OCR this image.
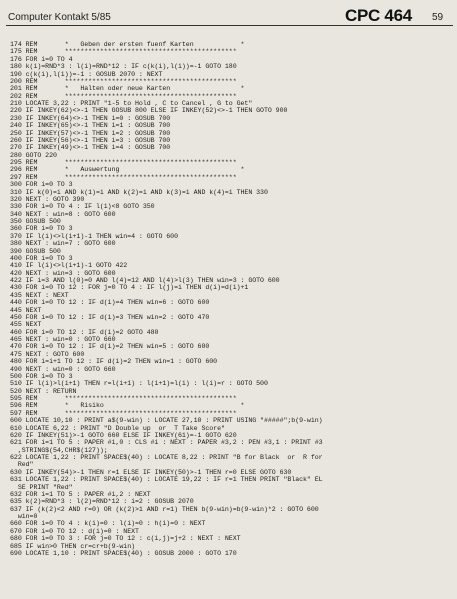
Computer Kontakt 5/85	CPC 464 59
174 REM       *   Geben der ersten fuenf Karten            *
175 REM       ********************************************
176 FOR i=0 TO 4
180 k(i)=RND*3 : l(i)=RND*12 : IF c(k(i),l(i))=-1 GOTO 180
190 c(k(i),l(i))=-1 : GOSUB 2070 : NEXT
200 REM       ********************************************
201 REM       *   Halten oder neue Karten                  *
202 REM       ********************************************
210 LOCATE 3,22 : PRINT "1-5 to Hold , C to Cancel , G to Get"
220 IF INKEY(62)<>-1 THEN GOSUB 800 ELSE IF INKEY(52)<>-1 THEN GOTO 900
230 IF INKEY(64)<>-1 THEN i=0 : GOSUB 700
240 IF INKEY(65)<>-1 THEN i=1 : GOSUB 700
250 IF INKEY(57)<>-1 THEN i=2 : GOSUB 700
260 IF INKEY(56)<>-1 THEN i=3 : GOSUB 700
270 IF INKEY(49)<>-1 THEN i=4 : GOSUB 700
280 GOTO 220
295 REM       ********************************************
296 REM       *   Auswertung                               *
297 REM       ********************************************
300 FOR i=0 TO 3
310 IF k(0)=i AND k(1)=i AND k(2)=i AND k(3)=i AND k(4)=i THEN 330
320 NEXT : GOTO 390
330 FOR i=0 TO 4 : IF l(i)<8 GOTO 350
340 NEXT : win=8 : GOTO 600
350 GOSUB 500
360 FOR i=0 TO 3
370 IF l(i)<>l(i+1)-1 THEN win=4 : GOTO 600
380 NEXT : win=7 : GOTO 600
390 GOSUB 500
400 FOR i=0 TO 3
410 IF l(i)<>l(i+1)-1 GOTO 422
420 NEXT : win=3 : GOTO 600
422 IF i=3 AND l(0)=0 AND l(4)=12 AND l(4)>l(3) THEN win=3 : GOTO 600
430 FOR i=0 TO 12 : FOR j=0 TO 4 : IF l(j)=i THEN d(i)=d(i)+1
435 NEXT : NEXT
440 FOR i=0 TO 12 : IF d(i)=4 THEN win=6 : GOTO 600
445 NEXT
450 FOR i=0 TO 12 : IF d(i)=3 THEN win=2 : GOTO 470
455 NEXT
460 FOR i=0 TO 12 : IF d(i)=2 GOTO 480
465 NEXT : win=0 : GOTO 660
470 FOR i=0 TO 12 : IF d(i)=2 THEN win=5 : GOTO 600
475 NEXT : GOTO 600
480 FOR i=i+1 TO 12 : IF d(i)=2 THEN win=1 : GOTO 600
490 NEXT : win=0 : GOTO 660
500 FOR i=0 TO 3
510 IF l(i)>l(i+1) THEN r=l(i+1) : l(i+1)=l(i) : l(i)=r : GOTO 500
520 NEXT : RETURN
595 REM       ********************************************
596 REM       *   Risiko                                   *
597 REM       ********************************************
600 LOCATE 10,10 : PRINT a$(9-win) : LOCATE 27,10 : PRINT USING "#####";b(9-win)
610 LOCATE 6,22 : PRINT "D Double up  or  T Take Score"
620 IF INKEY(51)>-1 GOTO 660 ELSE IF INKEY(61)=-1 GOTO 620
621 FOR i=1 TO 5 : PAPER #i,0 : CLS #i : NEXT : PAPER #3,2 : PEN #3,1 : PRINT #3
,STRING$(54,CHR$(127));
622 LOCATE 1,22 : PRINT SPACE$(40) : LOCATE 8,22 : PRINT "B for Black  or  R for
Red"
630 IF INKEY(54)>-1 THEN r=1 ELSE IF INKEY(50)>-1 THEN r=0 ELSE GOTO 630
631 LOCATE 1,22 : PRINT SPACE$(40) : LOCATE 19,22 : IF r=1 THEN PRINT "Black" EL
SE PRINT "Red"
632 FOR i=1 TO 5 : PAPER #i,2 : NEXT
635 k(2)=RND*3 : l(2)=RND*12 : i=2 : GOSUB 2070
637 IF (k(2)<2 AND r=0) OR (k(2)>1 AND r=1) THEN b(9-win)=b(9-win)*2 : GOTO 600
win=0
660 FOR i=0 TO 4 : k(i)=0 : l(i)=0 : h(i)=0 : NEXT
670 FOR i=0 TO 12 : d(i)=0 : NEXT
680 FOR i=0 TO 3 : FOR j=0 TO 12 : c(i,j)=j+2 : NEXT : NEXT
685 IF win>0 THEN cr=cr+b(9-win)
690 LOCATE 1,10 : PRINT SPACE$(40) : GOSUB 2000 : GOTO 170
